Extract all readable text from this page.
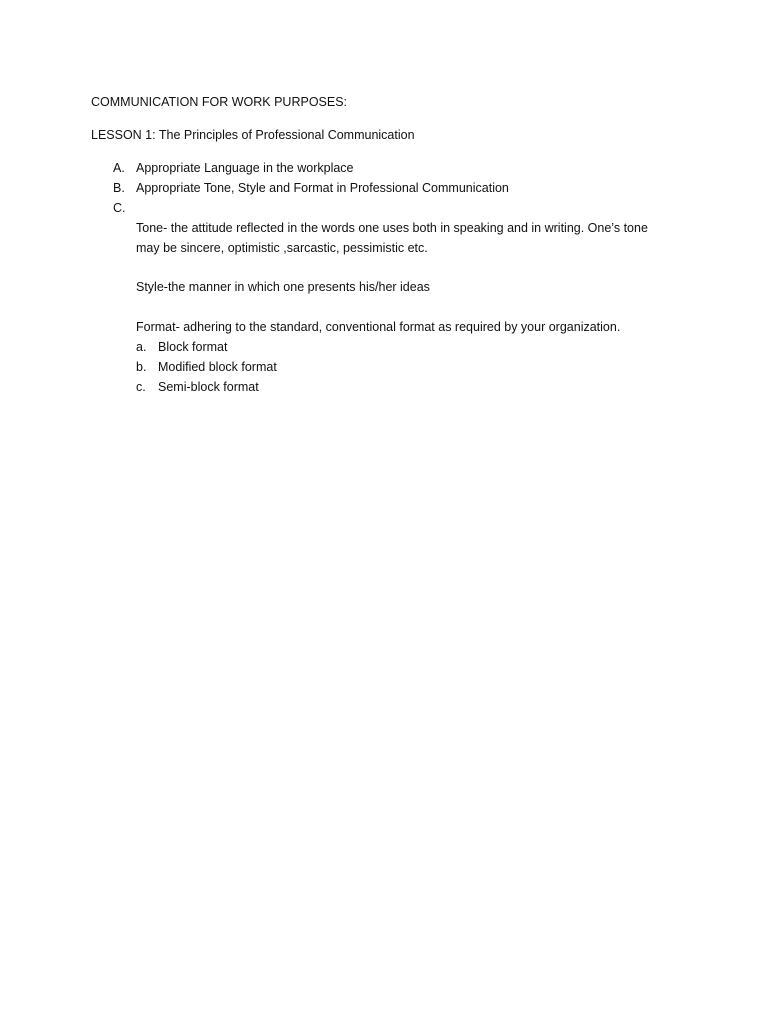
COMMUNICATION FOR WORK PURPOSES:
LESSON 1: The Principles of Professional Communication
A. Appropriate Language in the workplace
B. Appropriate Tone, Style and Format in Professional Communication
C.
Tone- the attitude reflected in the words one uses both in speaking and in writing. One’s tone
may be sincere, optimistic ,sarcastic, pessimistic etc.
Style-the manner in which one presents his/her ideas
Format- adhering to the standard, conventional format as required by your organization.
a. Block format
b. Modified block format
c. Semi-block format
